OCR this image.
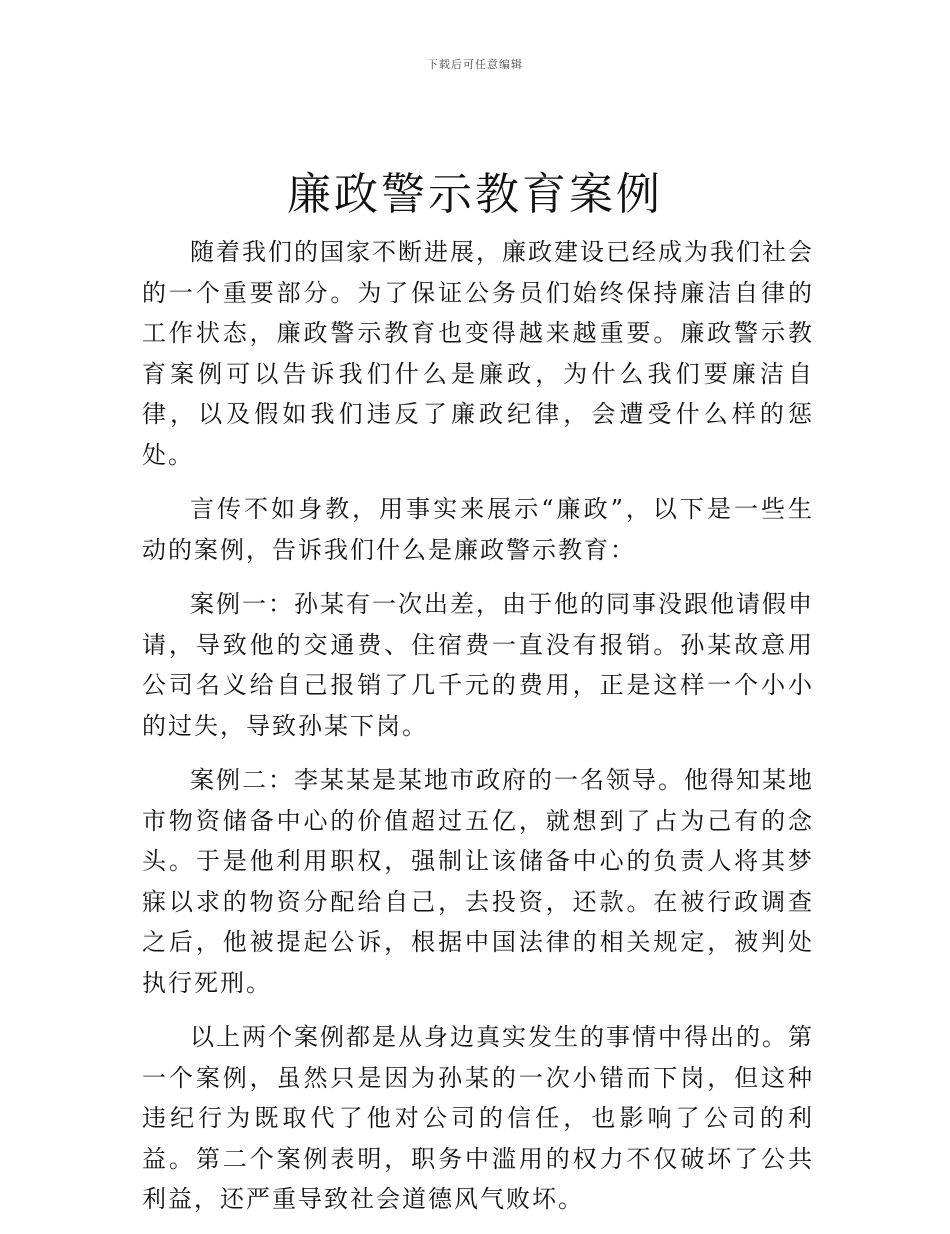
下载后可任意编辑
廉政警示教育案例

随着我们的国家不断进展，廉政建设已经成为我们社会的一个重要部分。为了保证公务员们始终保持廉洁自律的工作状态，廉政警示教育也变得越来越重要。廉政警示教育案例可以告诉我们什么是廉政，为什么我们要廉洁自律，以及假如我们违反了廉政纪律，会遭受什么样的惩处。

言传不如身教，用事实来展示“廉政”，以下是一些生动的案例，告诉我们什么是廉政警示教育：

案例一：孙某有一次出差，由于他的同事没跟他请假申请，导致他的交通费、住宿费一直没有报销。孙某故意用公司名义给自己报销了几千元的费用，正是这样一个小小的过失，导致孙某下岗。

案例二：李某某是某地市政府的一名领导。他得知某地市物资储备中心的价值超过五亿，就想到了占为己有的念头。于是他利用职权，强制让该储备中心的负责人将其梦寐以求的物资分配给自己，去投资，还款。在被行政调查之后，他被提起公诉，根据中国法律的相关规定，被判处执行死刑。

以上两个案例都是从身边真实发生的事情中得出的。第一个案例，虽然只是因为孙某的一次小错而下岗，但这种违纪行为既取代了他对公司的信任，也影响了公司的利益。第二个案例表明，职务中滥用的权力不仅破坏了公共利益，还严重导致社会道德风气败坏。
